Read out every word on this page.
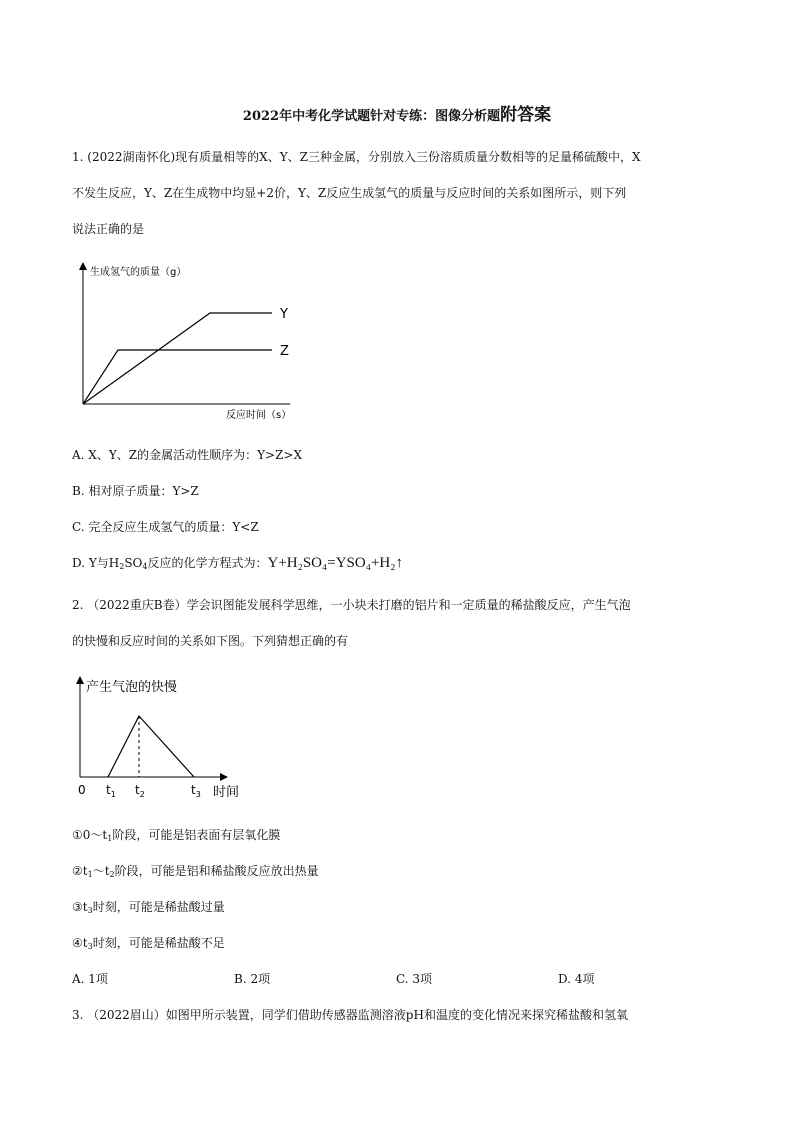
2022年中考化学试题针对专练：图像分析题附答案
1. (2022湖南怀化)现有质量相等的X、Y、Z三种金属，分别放入三份溶质质量分数相等的足量稀硫酸中，X
不发生反应，Y、Z在生成物中均显+2价，Y、Z反应生成氢气的质量与反应时间的关系如图所示，则下列
说法正确的是
生成氢气的质量（g）
反应时间（s）
Y
Z
A. X、Y、Z的金属活动性顺序为：Y>Z>X
B. 相对原子质量：Y>Z
C. 完全反应生成氢气的质量：Y<Z
D. Y与$H_2SO_4$反应的化学方程式为：Y+H₂SO₄=YSO₄+H₂↑
2. （2022重庆B卷）学会识图能发展科学思维，一小块未打磨的铝片和一定质量的稀盐酸反应，产生气泡
的快慢和反应时间的关系如下图。下列猜想正确的有
产生气泡的快慢
0 $t_1$ $t_2$	$t_3$ 时间
$①0\sim t_1$阶段，可能是铝表面有层氧化膜
$②t_1\sim t_2$阶段，可能是铝和稀盐酸反应放出热量
$③t_3$时刻，可能是稀盐酸过量
$④t_3$时刻，可能是稀盐酸不足
A. 1项	B. 2项	C. 3项	D. 4项
3. （2022眉山）如图甲所示装置，同学们借助传感器监测溶液pH和温度的变化情况来探究稀盐酸和氢氧
